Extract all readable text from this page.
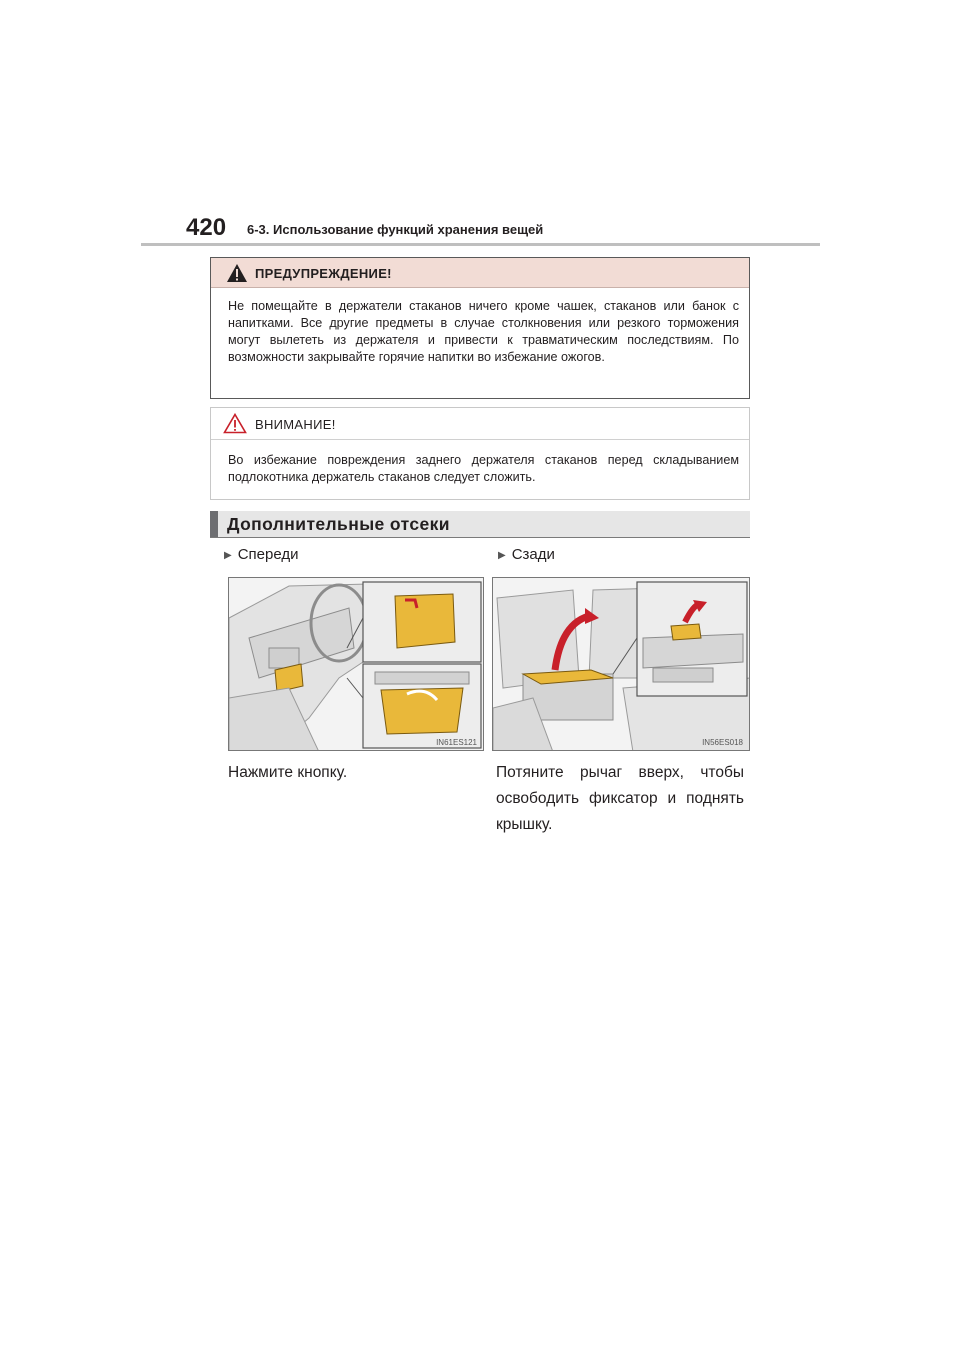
420 6-3. Использование функций хранения вещей
ПРЕДУПРЕЖДЕНИЕ!
Не помещайте в держатели стаканов ничего кроме чашек, стаканов или банок с напитками. Все другие предметы в случае столкновения или резкого торможения могут вылететь из держателя и привести к травматическим последствиям. По возможности закрывайте горячие напитки во избежание ожогов.
ВНИМАНИЕ!
Во избежание повреждения заднего держателя стаканов перед складыванием подлокотника держатель стаканов следует сложить.
Дополнительные отсеки
▶ Спереди	▶ Сзади
IN61ES121	IN56ES018
Нажмите кнопку.	Потяните рычаг вверх, чтобы освободить фиксатор и поднять крышку.
